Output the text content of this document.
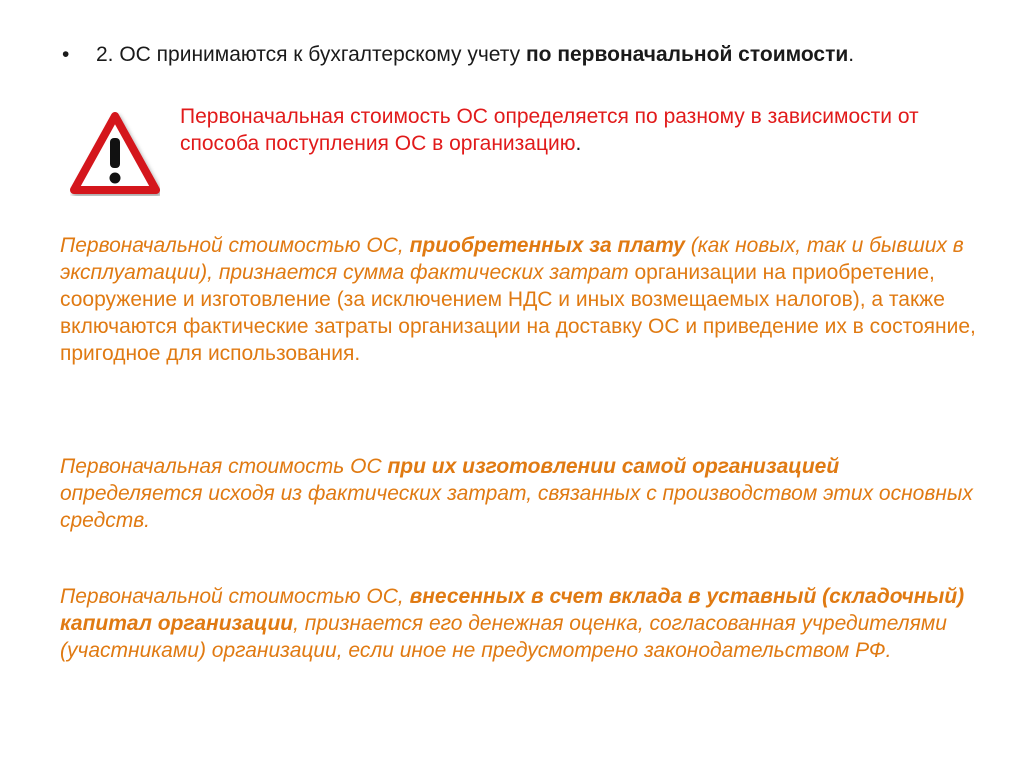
• 2. ОС принимаются к бухгалтерскому учету по первоначальной стоимости.
Первоначальная стоимость ОС определяется по разному в зависимости от способа поступления ОС в организацию.
Первоначальной стоимостью ОС, приобретенных за плату (как новых, так и бывших в эксплуатации), признается сумма фактических затрат организации на приобретение, сооружение и изготовление (за исключением НДС и иных возмещаемых налогов), а также включаются фактические затраты организации на доставку ОС и приведение их в состояние, пригодное для использования.
Первоначальная стоимость ОС при их изготовлении самой организацией определяется исходя из фактических затрат, связанных с производством этих основных средств.
Первоначальной стоимостью ОС, внесенных в счет вклада в уставный (складочный) капитал организации, признается его денежная оценка, согласованная учредителями (участниками) организации, если иное не предусмотрено законодательством РФ.
